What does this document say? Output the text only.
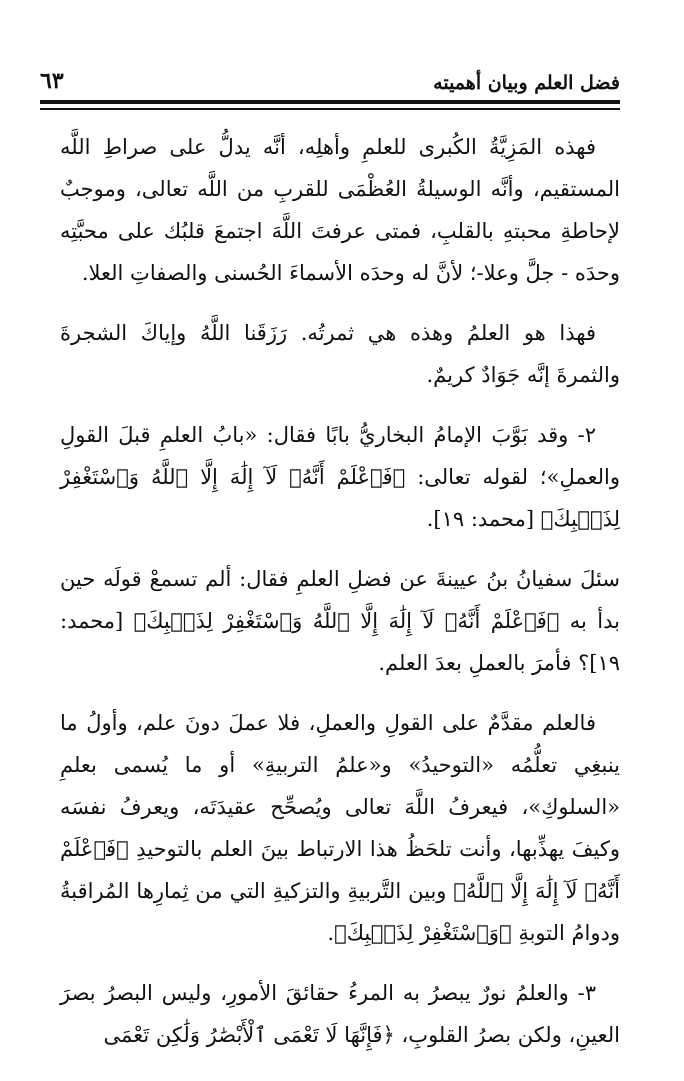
فضل العلم وبيان أهميته
٦٣

فهذه المَزِيَّةُ الكُبرى للعلمِ وأهلِه، أنَّه يدلُّ على صراطِ اللَّه المستقيم، وأنَّه الوسيلةُ العُظْمَى للقربِ من اللَّه تعالى، وموجبٌ لإحاطةِ محبتهِ بالقلبِ، فمتى عرفتَ اللَّهَ اجتمعَ قلبُك على محبَّتِه وحدَه - جلَّ وعلا-؛ لأنَّ له وحدَه الأسماءَ الحُسنى والصفاتِ العلا.

فهذا هو العلمُ وهذه هي ثمرتُه. رَزَقَنا اللَّهُ وإياكَ الشجرةَ والثمرةَ إنَّه جَوَادٌ كريمٌ.

٢- وقد بَوَّبَ الإمامُ البخاريُّ بابًا فقال: «بابُ العلمِ قبلَ القولِ والعملِ»؛ لقوله تعالى: ﴿فَٱعْلَمْ أَنَّهُۥ لَآ إِلَٰهَ إِلَّا ٱللَّهُ وَٱسْتَغْفِرْ لِذَنۢبِكَ﴾ [محمد: ١٩].

سئلَ سفيانُ بنُ عيينةَ عن فضلِ العلمِ فقال: ألم تسمعْ قولَه حين بدأ به ﴿فَٱعْلَمْ أَنَّهُۥ لَآ إِلَٰهَ إِلَّا ٱللَّهُ وَٱسْتَغْفِرْ لِذَنۢبِكَ﴾ [محمد: ١٩]؟ فأمرَ بالعملِ بعدَ العلم.

فالعلم مقدَّمٌ على القولِ والعملِ، فلا عملَ دونَ علم، وأولُ ما ينبغِي تعلُّمُه «التوحيدُ» و«علمُ التربيةِ» أو ما يُسمى بعلمِ «السلوكِ»، فيعرفُ اللَّهَ تعالى ويُصحِّح عقيدَتَه، ويعرفُ نفسَه وكيفَ يهذِّبها، وأنت تلحَظُ هذا الارتباط بينَ العلم بالتوحيدِ ﴿فَٱعْلَمْ أَنَّهُۥ لَآ إِلَٰهَ إِلَّا ٱللَّهُ﴾ وبين التَّربيةِ والتزكيةِ التي من ثِمارِها المُراقبةُ ودوامُ التوبةِ ﴿وَٱسْتَغْفِرْ لِذَنۢبِكَ﴾.

٣- والعلمُ نورٌ يبصرُ به المرءُ حقائقَ الأمورِ، وليس البصرُ بصرَ العينِ، ولكن بصرُ القلوبِ، ﴿فَإِنَّهَا لَا تَعْمَى ٱلْأَبْصَٰرُ وَلَٰكِن تَعْمَى
